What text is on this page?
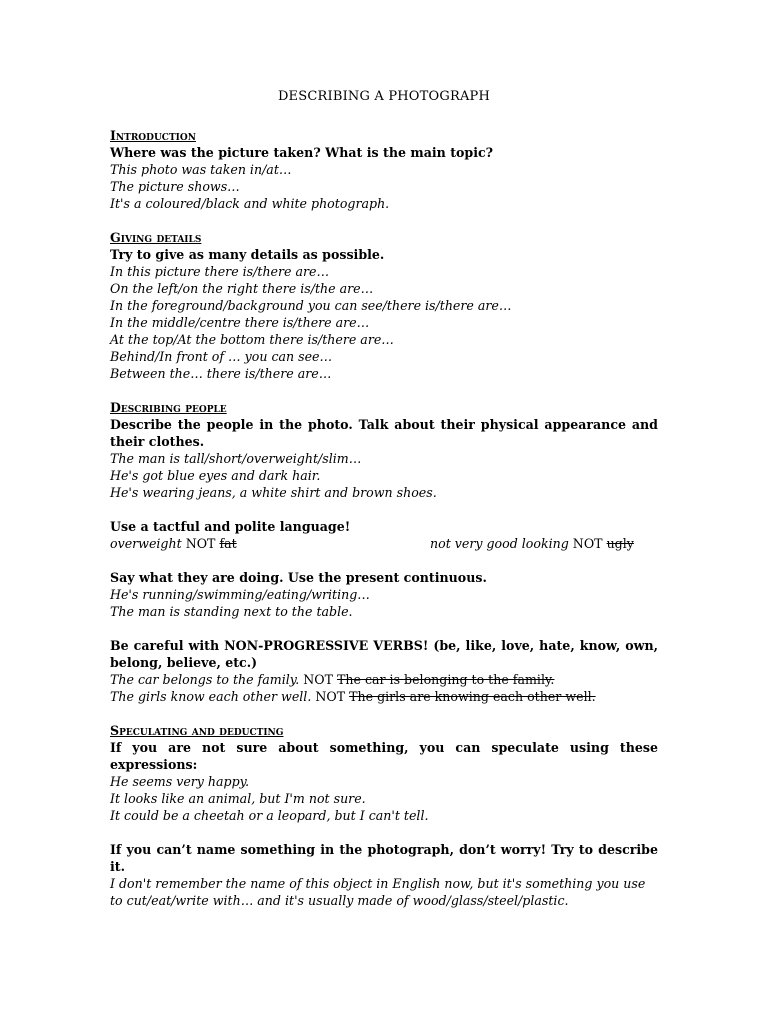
DESCRIBING A PHOTOGRAPH

Introduction

Where was the picture taken? What is the main topic?

This photo was taken in/at…

The picture shows…

It's a coloured/black and white photograph.

Giving details

Try to give as many details as possible.

In this picture there is/there are…

On the left/on the right there is/the are…

In the foreground/background you can see/there is/there are…

In the middle/centre there is/there are…

At the top/At the bottom there is/there are…

Behind/In front of … you can see…

Between the… there is/there are…

Describing people

Describe the people in the photo. Talk about their physical appearance and their clothes.

The man is tall/short/overweight/slim…

He's got blue eyes and dark hair.

He's wearing jeans, a white shirt and brown shoes.

Use a tactful and polite language!

overweight NOT fat	not very good looking NOT ugly

Say what they are doing. Use the present continuous.

He's running/swimming/eating/writing…

The man is standing next to the table.

Be careful with NON-PROGRESSIVE VERBS! (be, like, love, hate, know, own, belong, believe, etc.)

The car belongs to the family. NOT The car is belonging to the family.

The girls know each other well. NOT The girls are knowing each other well.

Speculating and deducting

If you are not sure about something, you can speculate using these expressions:

He seems very happy.

It looks like an animal, but I'm not sure.

It could be a cheetah or a leopard, but I can't tell.

If you can’t name something in the photograph, don’t worry! Try to describe it.

I don't remember the name of this object in English now, but it's something you use to cut/eat/write with… and it's usually made of wood/glass/steel/plastic.
